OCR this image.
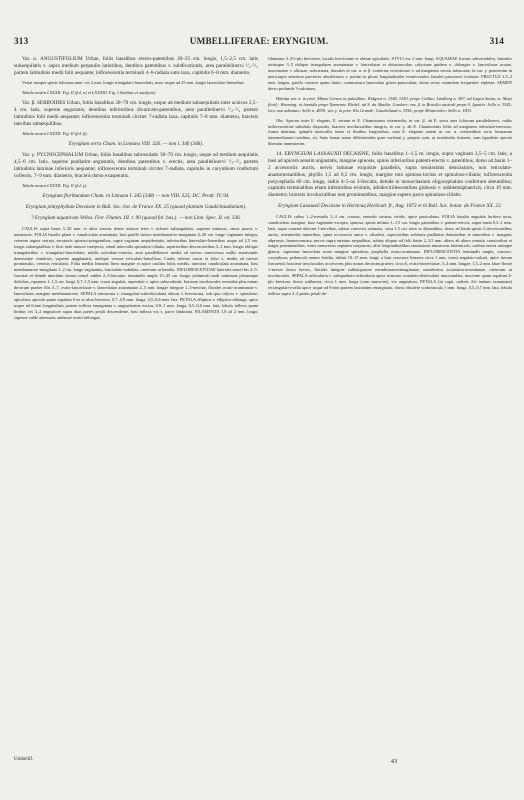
313	UMBELLIFERAE: ERYNGIUM.	314

Var. α. ANGUSTIFOLIUM Urban, foliis basalibus erecto-patentibus 20–25 cm. longis, 1,5–2,5 cm. latis subaequilatis v. supra medium perpaullo latioribus, dentibus patentibus v. subdivaricatis, area parallelinervi ¹/₂–¹/₃ partem latitudinis medii folii aequante; inflorescentia terminali 4–6-radiata satis laxa, capitulis 6–8 mm. diametro.

Variat insuper spinis foliorum nunc vix 2 mm. longis triangulari-lanceolatis, nunc usque ad 25 mm. longis lanceolato-linearibus.

Tabula nostra LXXXII. Fig. II (fol. α) et LXXXIII. Fig. I (habitus et analysis).

Var. β. SERROIDES Urban, foliis basalibus 30–70 cm. longis, usque ad medium subaequilatis inter acuicos 2,5–4 cm. latis, superne angustatis, dentibus inferioribus divaricato-patentibus, area parallelinervi ¹/₂–¹/₃ partem latitudinis folii medii aequante; inflorescentia terminali circiter 7-radiata laxa, capitulis 7–8 mm. diametro, bracteis laevibus subaequilibus.

Tabula nostra LXXXII. Fig. II (fol. β).

Eryngium serra Cham. in Linnaea VIII. 326. — non l. 346 (346).

Var. γ. PYCNOCEPHALUM Urban, foliis basalibus subrosulatis 30–70 cm. longis, usque ad medium aequilatis 4,5–6 cm. latis, superne paullatim angustatis, dentibus patentibus v. erectis, area parallelinervi ¹/₃–²/₄ partem latitudinis laminae inferioris aequante; inflorescentia terminali circiter 7-radiata, capitulis in corymbum confertum collectis, 7–9 mm. diametro, bracteis dorso exasperatis.

Tabula nostra LXXXII. Fig. II (fol. γ).

Eryngium floribundum Cham. in Linnaea I. 345 (348) — non VIII. 325; DC. Prodr. IV. 94.

Eryngium platyphyllum Decaisne in Bull. Soc. bot. de France XX. 25 (quoad plantam Gaudichaudianam).

? Eryngium aquaticum Vellos. Flor. Flumin. III. t. 90 (quoad fol. bas.). — non Linn. Spec. II. ed. 336.

CAULIS supra basin 5–20 mm. et ultra crassus dense striatus teres v. inferne subangulatus, superne ramosus, ramis paucis v. numerosis. FOLIA basalia plana v. canaliculata acuminata, basi paullo latiore membranaceo-marginata 4–20 cm. longe vaginante integra, ceterum argute serrata, serraturis spinoso-pungentibus, supra vaginam aequidentatis, inferioribus lanceolato-linearibus usque ad 2,5 cm. longis subaequalibus v. hinc inde minore interjecta, simul intervalla spinuloso-ciliatis, superioribus decrescentibus 5–1 mm. longis oblique triangularibus v. triangulari-lanceolatis; nitidis reticulato-venosis, area parallelinervi media ad nervos transversos nullis tenuissimis densissime venulosis, superne appplanatis, undique venose reticulato-lamellosa. Caulis inferne rarius et folio v. media ad nervos prominulos, venosis reticulatis. Folia mediis lineariis linea margine et apice caulina foliis mediis, interiora canaliculata acuminata, basi membranaceo-marginata 1–2 cm. longe vaginantia, lanceolato-subulata, caeterum ut basalia. INFLORESCENTIAE laterales semel bis 4–5-furcatae et deinde interdum iterum semel subbis 2–3-furcatae; terminalis ampla 15–45 cm. longa; pedunculi nudi continuae plerumque dolichus, equantes 1–1,5 cm. longi, 0,7–1,5 mm. crassi angulati, asperulati v. apice subscrabrati; bracteae involucrales secundae plus minus decorum praeter illis 5–7, ovato-lanceolatae v. lanceolatae acuminatae 2–5 mm. longae integrae 1–3-nerviae, florales ovato-acuminatae v. lanceolatae, margine membranaceae. SEPALA semiovata v. triangulari-subovbicularia obtusa v. breviacuta, sub ipso calycis v. spinulosa-apiculata; apiculo quam sepalum 6-es et ultra breviore, 0,7–0,8 mm. longa, 0,5–0,6 mm. lata. PETALA elliptica v. elliptico-oblonga, apice usque ad 6-tam longitudinis partem inflexa emarginata v. angustissime excisa, 0,9–1 mm. longa, 0,5–0,6 mm. lata, lobulo inflexo quam limbus vix 3–2 angustiore supra duas partes petali descendente, basi inflexa vix v. parce fimbriata. FILAMENTA 1,8 ad 2 mm. longa, superne valde attenuata; antherae ovato-oblongae,

filamenta 3–3½-plo breviores, loculis brevissime et obtuse apiculatis. STYLI vix 2 mm. longi. SQUAMAE fructus subvariabiles, laterales utriusque 3–5 oblique triangulares acuminatae v. lanceolatae et obtusiusculae, calycinae quidem v. oblongae v. lanceolatae acutae, mucronatae v. obtusae; subcristata, dorsales in var. α. et β. conferiae vesiculosae v. ad marginem versus subacutae, in var. γ. praesertim in mericarpio anteriore parciores obsoletiores v. partim in plicas longitudinales evanescentes, basales pauciores evolutae. FRUCTUS 1,5–2 mm. longus, paullo crassior quam latior; commissura lanceolata griseo-punctulata; vittae secus carinulam frequentes repletae. SEMEN dorso profunde 3-sulcatum.

Habitat var. α. in prov. Minas Geraes in paludibus: Widgren n. 1348, 1350; prope Caldas: Lindberg n. 587; ad Lagoa Santa, m. Majo florif.: Warming; in humidis prope Ypanema: Riedel; ad S. da Abadia: Gardner; var. β. in Brasilia australi prope S. Ignatio: Sello n. 3345; loco non adnotato: Sello n. 4859; var. γ. in prov. Rio Grande: Gaudichaud n. 3356; prope Montevideo: Sello n. 1903.

Obs. Species inter E. elegans, E. serram et E. Chamissonis intermedia; in var. β. ab E. serra area foliorum parallelinervi, radiis inflorescentiae subulatis dispositis, bracteis involucralibus integris, in var. γ. ab E. Chamissonis foliis ad marginem reticulato-nervosis, forma dentium, spinulis intervallis tenue et floribus longioribus, cum E. elegante autem in var. α. verisimiliter serio formarum intermediarum conditus, sit. Satis bonae notae differentiales quae varietati γ. propria sunt, ut essentiales fuissent, sum tignaliate speciei liberatur annexuerim.

14. ERYNGIUM LASSAUXII DECAISNE, foliis basalibus 1–1,5 m. longis, supra vaginam 3,5–5 cm. latis, a basi ad apicem sensim angustatis, margine spinosis, spinis inferioribus patenti-erectis v. patentibus, dorso ad basin 1–2 accessoriis auctis, nervis laminae exquisite parallelis, supra tenuissimis densissimis, non reticulato-anastomosantibus, phyllis 1,5 ad 0,5 cm. longis, margine toto spinoso-incisis et spinuloso-ciliatis; inflorescentia polycephalia 60 cm. longa, radiis 4–5-os 3-furcatis, deinde in monochasium oligocephalum confertum abeuntibus; capitulis terminalibus etiam inferioribus evolutis, albidoviridescentibus globosis v. subhemisphaericis, circa 10 mm. diametro; bracteis involucralibus non prominentibus, margine supero parce spinuloso-ciliatis.

Eryngium Lassauxii Decaisne in Horticuq Horticult. fr., Aug. 1873 et in Bull. Soc. botan. de France XX. 22.

CAULIS cultus 1–2-metralis 3–4 cm. crassus, teneritir striatus viridis, apice paniculatus. FOLIA basalia angulata lorifero torta, canaliculata, margine, basi vaginante excepta, spinosa, spinis infimis 1–1,5 cm. longis patentibus v. patenti-erectis, supra basin 0,5–1 mm. latis, supra cuneate ubicunt 1-nervibus, subtus convexis carinatis, circa 1,5 cm. inter se distantibus, dorso ad basin spinis 2 decrescentibus auctis, intermediis minoribus, spina accessoria unica v. obsoleta, superioribus sobitaria paullatim densioribus et minoribus v. marginis adpressis, homeoceneara, nervis supra omnino aequalibus, subtus aliquot ad folii basin 2–3,5 mm. altero ab altero remotis crassioribus et magis prominentibus, venis transversis septatim conjunctis, aliis longitudinalibus tanuissimis numerosis intermixtis; caulina erecta utrinque glauca, supremae lanceolata acuta margine spinulosa; prophylla ovato-acuminata. INFLORESCENTIA terminalis ampla, cymoso-corymbosa; pedunculi omnes fertilia, infimi 10–15 mm. longi, a basi crassiore lineares circa 1 mm. crassi angulato-sulcati, apice iterum furcarenti; bracteae involucrales accrescens plus minus decorum praeter, circa 6, ovato-lanceolatae, 3–4 mm. longae, 1,5–2 mm. latae flavae 1-nerves dorso laeves, florales integrae sublatogruose membranaceomarginatae, manifestius acuissimo-acuminatae, caeterum ut involucrales. SEPALA orbicularia v. subquadrato-orbicularia apice truncato crenulato-denticulato mucronulata, mucrone quam sepalum 4-plo breviore, dorso sublaevia, circa 1 mm. longa (cum mucrone), vix angustiora. PETALA (in capit. ordinis 4-ii tantum examinata) rectangulari-ovalia apice usque ad 6-tam partem laciniatim emarginata, dorso obsolete scabriuscula 1 mm. longa, 0,5–0,7 mm. lata, lobulo inflexo supra 3–4 partes petali de-

Umbellif.	43
